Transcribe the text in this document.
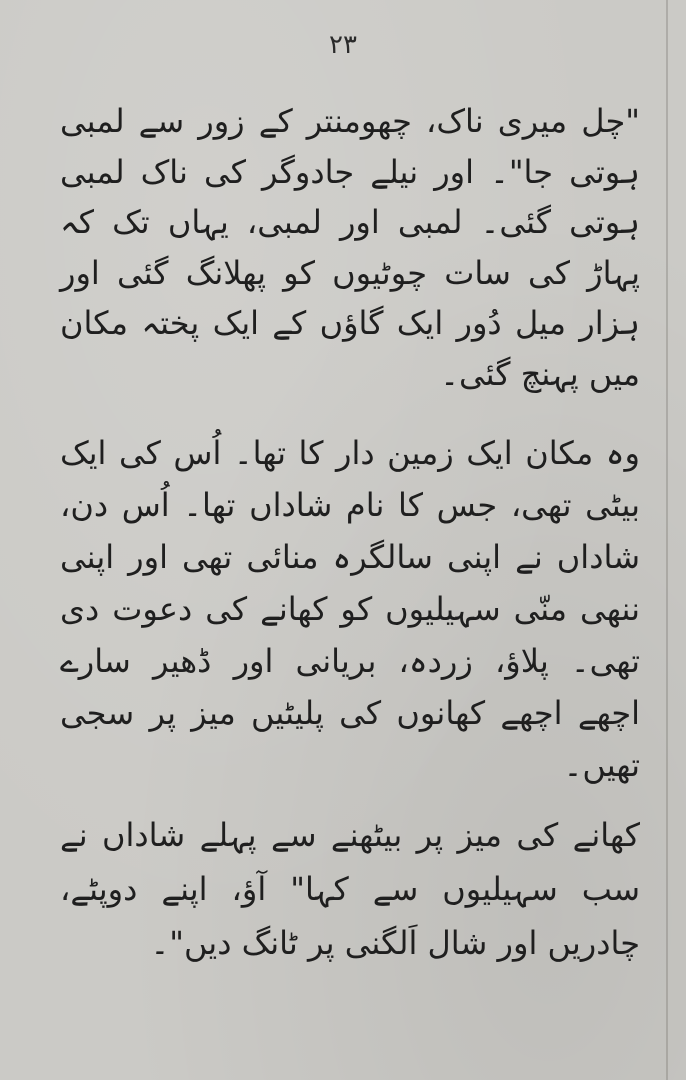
۲۳

"چل میری ناک، چھومنتر کے زور سے لمبی ہوتی جا"۔ اور نیلے جادوگر کی ناک لمبی ہوتی گئی۔ لمبی اور لمبی، یہاں تک کہ پہاڑ کی سات چوٹیوں کو پھلانگ گئی اور ہزار میل دُور ایک گاؤں کے ایک پختہ مکان میں پہنچ گئی۔

وہ مکان ایک زمین دار کا تھا۔ اُس کی ایک بیٹی تھی، جس کا نام شاداں تھا۔ اُس دن، شاداں نے اپنی سالگرہ منائی تھی اور اپنی ننھی منّی سہیلیوں کو کھانے کی دعوت دی تھی۔ پلاؤ، زردہ، بریانی اور ڈھیر سارے اچھے اچھے کھانوں کی پلیٹیں میز پر سجی تھیں۔

کھانے کی میز پر بیٹھنے سے پہلے شاداں نے سب سہیلیوں سے کہا" آؤ، اپنے دوپٹے، چادریں اور شال اَلگنی پر ٹانگ دیں"۔
